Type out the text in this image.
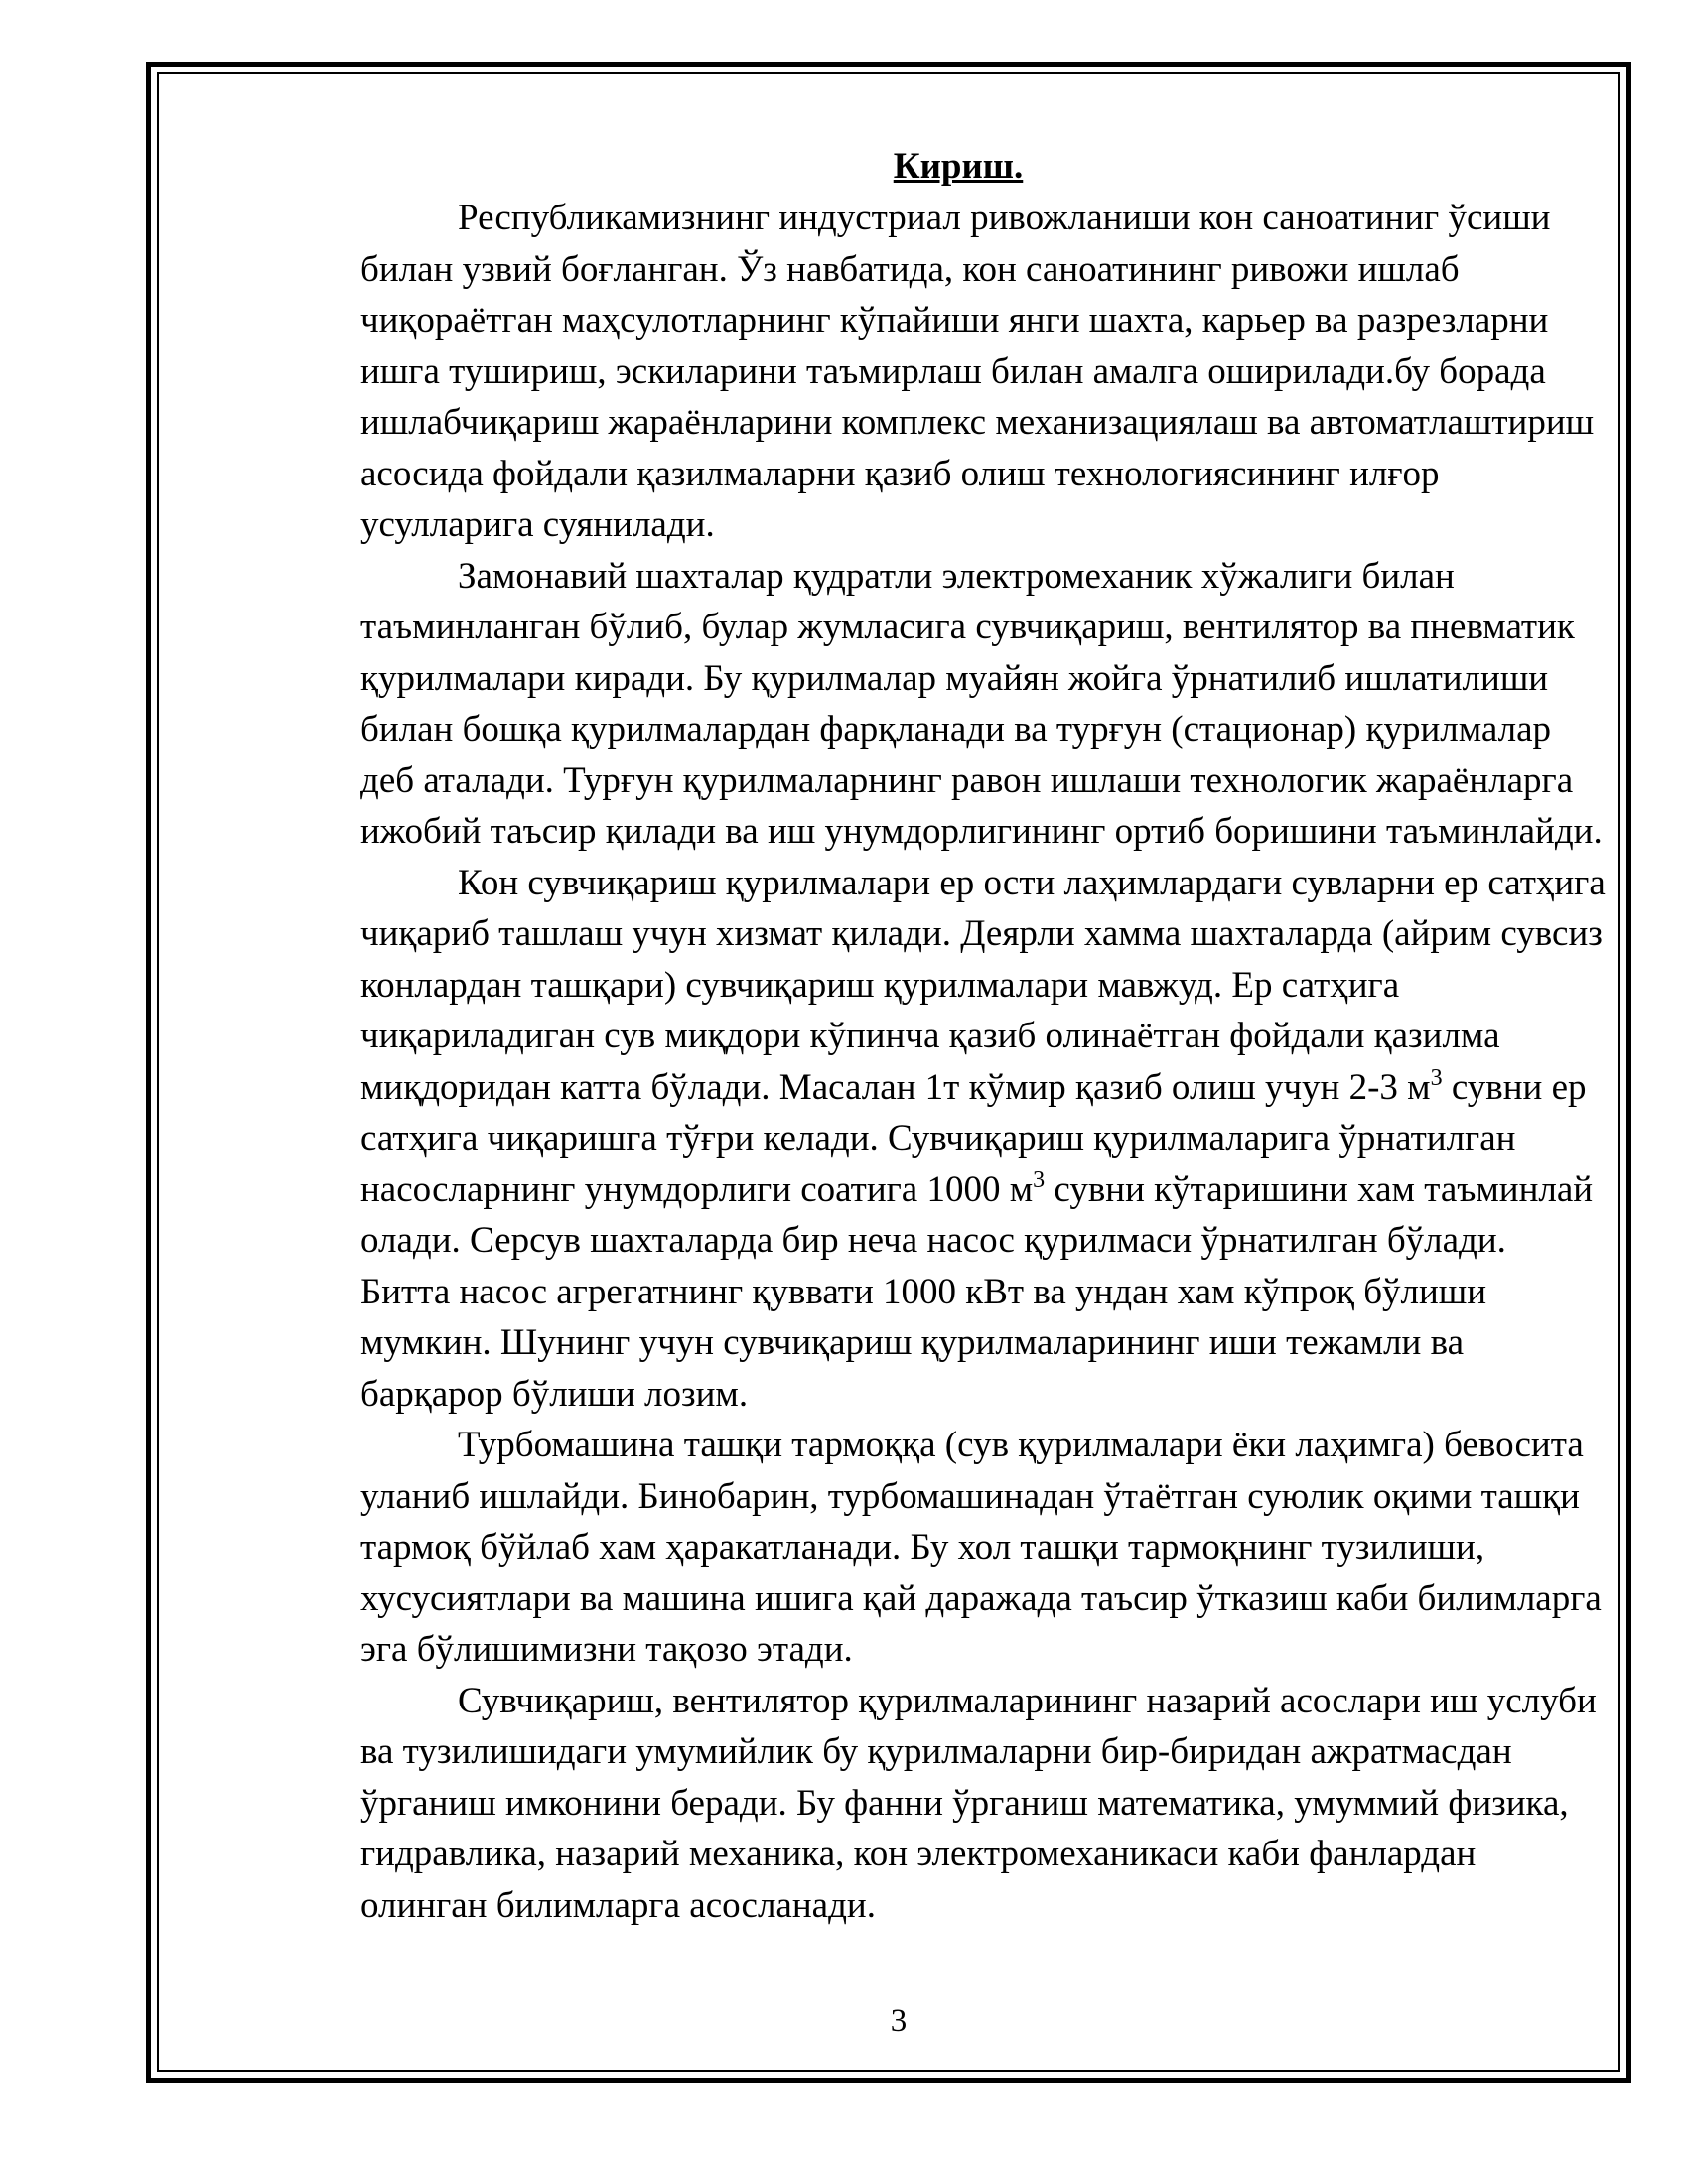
Кириш.
Республикамизнинг индустриал ривожланиши кон саноатиниг ўсиши
билан узвий боғланган. Ўз навбатида, кон саноатининг ривожи ишлаб
чиқораётган маҳсулотларнинг кўпайиши янги шахта, карьер ва разрезларни
ишга тушириш, эскиларини таъмирлаш билан амалга оширилади.бу борада
ишлабчиқариш жараёнларини комплекс механизациялаш ва автоматлаштириш
асосида фойдали қазилмаларни қазиб олиш технологиясининг илғор
усулларига суянилади.
Замонавий шахталар қудратли электромеханик хўжалиги билан
таъминланган бўлиб, булар жумласига сувчиқариш, вентилятор ва пневматик
қурилмалари киради. Бу қурилмалар муайян жойга ўрнатилиб ишлатилиши
билан бошқа қурилмалардан фарқланади ва турғун (стационар) қурилмалар
деб аталади. Турғун қурилмаларнинг равон ишлаши технологик жараёнларга
ижобий таъсир қилади ва иш унумдорлигининг ортиб боришини таъминлайди.
Кон сувчиқариш қурилмалари ер ости лаҳимлардаги сувларни ер сатҳига
чиқариб ташлаш учун хизмат қилади. Деярли хамма шахталарда (айрим сувсиз
конлардан ташқари) сувчиқариш қурилмалари мавжуд. Ер сатҳига
чиқариладиган сув миқдори кўпинча қазиб олинаётган фойдали қазилма
миқдоридан катта бўлади. Масалан 1т кўмир қазиб олиш учун 2-3 $м^3$ сувни ер
сатҳига чиқаришга тўғри келади. Сувчиқариш қурилмаларига ўрнатилган
насосларнинг унумдорлиги соатига 1000 $м^3$ сувни кўтаришини хам таъминлай
олади. Серсув шахталарда бир неча насос қурилмаси ўрнатилган бўлади.
Битта насос агрегатнинг қуввати 1000 кВт ва ундан хам кўпроқ бўлиши
мумкин. Шунинг учун сувчиқариш қурилмаларининг иши тежамли ва
барқарор бўлиши лозим.
Турбомашина ташқи тармоққа (сув қурилмалари ёки лаҳимга) бевосита
уланиб ишлайди. Бинобарин, турбомашинадан ўтаётган суюлик оқими ташқи
тармоқ бўйлаб хам ҳаракатланади. Бу хол ташқи тармоқнинг тузилиши,
хусусиятлари ва машина ишига қай даражада таъсир ўтказиш каби билимларга
эга бўлишимизни тақозо этади.
Сувчиқариш, вентилятор қурилмаларининг назарий асослари иш услуби
ва тузилишидаги умумийлик бу қурилмаларни бир-биридан ажратмасдан
ўрганиш имконини беради. Бу фанни ўрганиш математика, умуммий физика,
гидравлика, назарий механика, кон электромеханикаси каби фанлардан
олинган билимларга асосланади.
3
